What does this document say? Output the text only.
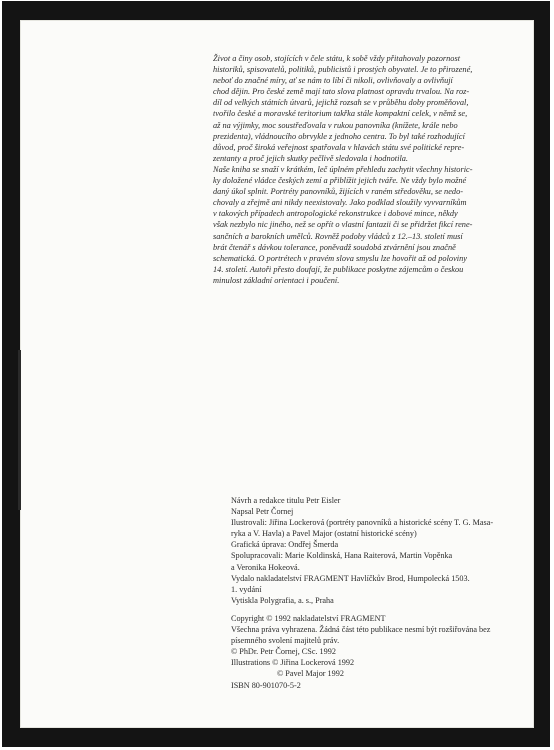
Život a činy osob, stojících v čele státu, k sobě vždy přitahovaly pozornost
historiků, spisovatelů, politiků, publicistů i prostých obyvatel. Je to přirozené,
neboť do značné míry, ať se nám to líbí či nikoli, ovlivňovaly a ovlivňují
chod dějin. Pro české země mají tato slova platnost opravdu trvalou. Na roz-
díl od velkých státních útvarů, jejichž rozsah se v průběhu doby proměňoval,
tvořilo české a moravské teritorium takřka stále kompaktní celek, v němž se,
až na výjimky, moc soustřeďovala v rukou panovníka (knížete, krále nebo
prezidenta), vládnoucího obrvykle z jednoho centra. To byl také rozhodující
důvod, proč široká veřejnost spatřovala v hlavách státu své politické repre-
zentanty a proč jejich skutky pečlivě sledovala i hodnotila.
Naše kniha se snaží v krátkém, leč úplném přehledu zachytit všechny historic-
ky doložené vládce českých zemí a přiblížit jejich tváře. Ne vždy bylo možné
daný úkol splnit. Portréty panovníků, žijících v raném středověku, se nedo-
chovaly a zřejmě ani nikdy neexistovaly. Jako podklad sloužily vyvvarníkům
v takových případech antropologické rekonstrukce i dobové mince, někdy
však nezbylo nic jiného, než se opřít o vlastní fantazii či se přidržet fikcí rene-
sančních a barokních umělců. Rovněž podoby vládců z 12.–13. století musí
brát čtenář s dávkou tolerance, poněvadž soudobá ztvárnění jsou značně
schematická. O portrétech v pravém slova smyslu lze hovořit až od poloviny
14. století. Autoři přesto doufají, že publikace poskytne zájemcům o českou
minulost základní orientaci i poučení.
Návrh a redakce titulu Petr Eisler
Napsal Petr Čornej
Ilustrovali: Jiřina Lockerová (portréty panovníků a historické scény T. G. Masa-
ryka a V. Havla) a Pavel Major (ostatní historické scény)
Grafická úprava: Ondřej Šmerda
Spolupracovali: Marie Koldinská, Hana Raiterová, Martin Vopěnka
a Veronika Hokeová.
Vydalo nakladatelství FRAGMENT Havlíčkův Brod, Humpolecká 1503.
1. vydání
Vytiskla Polygrafia, a. s., Praha
Copyright © 1992 nakladatelství FRAGMENT
Všechna práva vyhrazena. Žádná část této publikace nesmí být rozšiřována bez
písemného svolení majitelů práv.
© PhDr. Petr Čornej, CSc. 1992
Illustrations © Jiřina Lockerová 1992
© Pavel Major 1992
ISBN 80-901070-5-2
